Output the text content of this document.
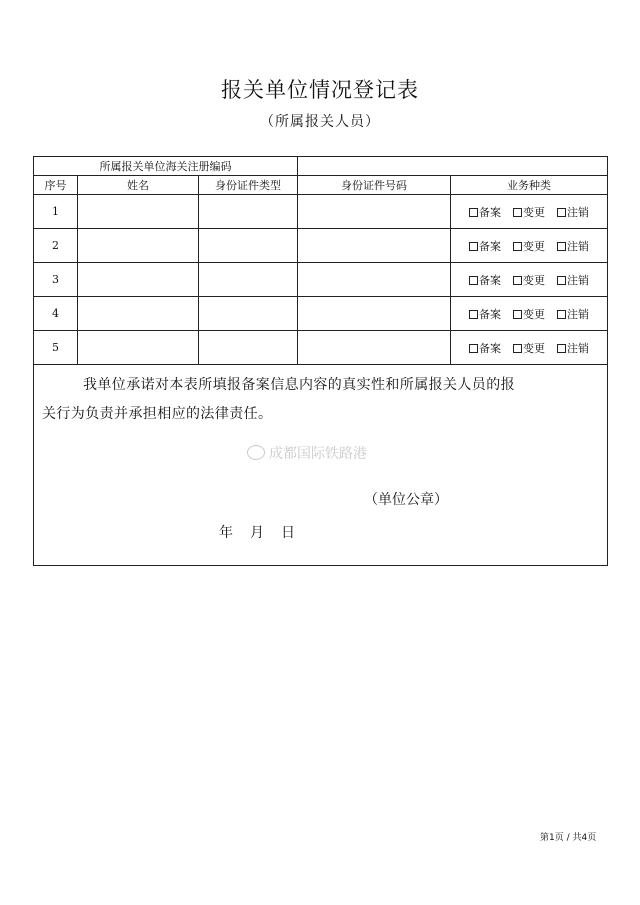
报关单位情况登记表
（所属报关人员）
所属报关单位海关注册编码				
序号	姓名	身份证件类型	身份证件号码	业务种类
1				备案 变更 注销
2				备案 变更 注销
3				备案 变更 注销
4				备案 变更 注销
5				备案 变更 注销

我单位承诺对本表所填报备案信息内容的真实性和所属报关人员的报
关行为负责并承担相应的法律责任。
（单位公章）
年 月 日				
成都国际铁路港
第1页 / 共4页
